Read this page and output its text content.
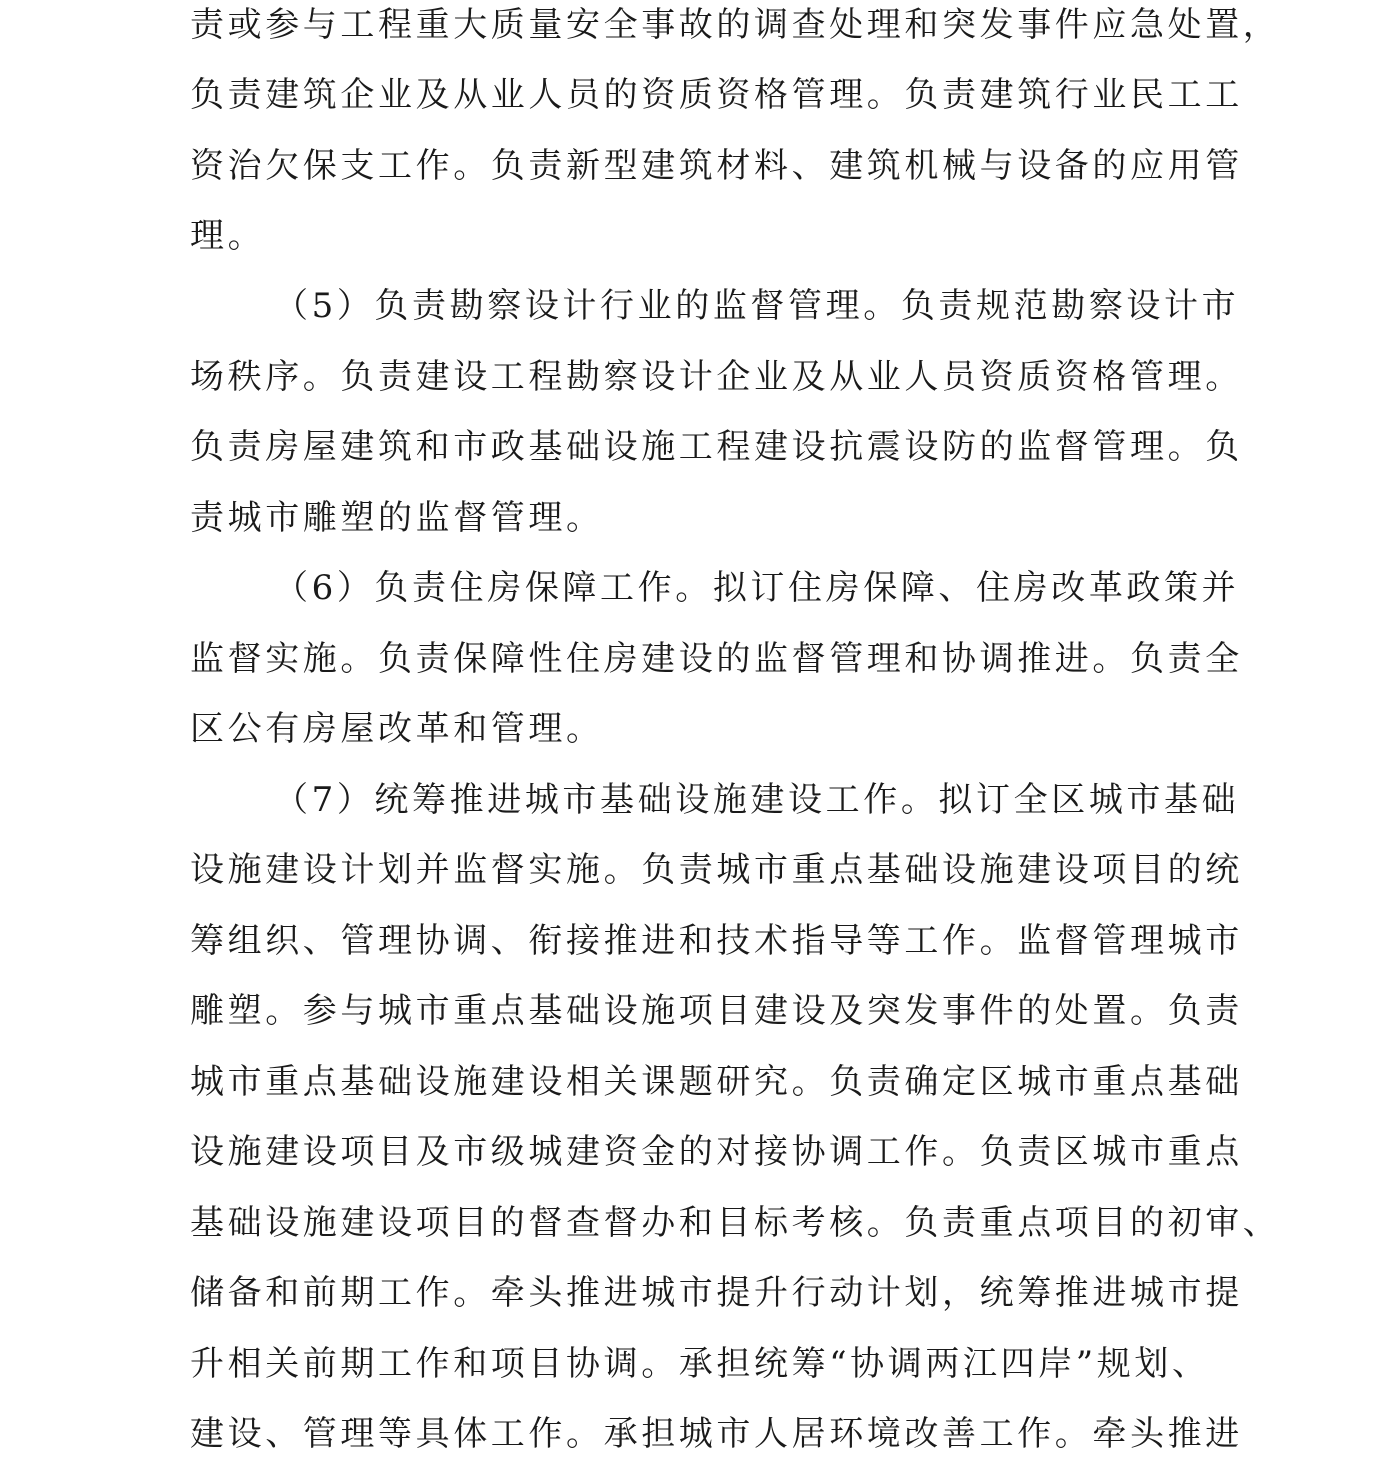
责或参与工程重大质量安全事故的调查处理和突发事件应急处置，
负责建筑企业及从业人员的资质资格管理。负责建筑行业民工工
资治欠保支工作。负责新型建筑材料、建筑机械与设备的应用管
理。
（5）负责勘察设计行业的监督管理。负责规范勘察设计市
场秩序。负责建设工程勘察设计企业及从业人员资质资格管理。
负责房屋建筑和市政基础设施工程建设抗震设防的监督管理。负
责城市雕塑的监督管理。
（6）负责住房保障工作。拟订住房保障、住房改革政策并
监督实施。负责保障性住房建设的监督管理和协调推进。负责全
区公有房屋改革和管理。
（7）统筹推进城市基础设施建设工作。拟订全区城市基础
设施建设计划并监督实施。负责城市重点基础设施建设项目的统
筹组织、管理协调、衔接推进和技术指导等工作。监督管理城市
雕塑。参与城市重点基础设施项目建设及突发事件的处置。负责
城市重点基础设施建设相关课题研究。负责确定区城市重点基础
设施建设项目及市级城建资金的对接协调工作。负责区城市重点
基础设施建设项目的督查督办和目标考核。负责重点项目的初审、
储备和前期工作。牵头推进城市提升行动计划，统筹推进城市提
升相关前期工作和项目协调。承担统筹“协调两江四岸”规划、
建设、管理等具体工作。承担城市人居环境改善工作。牵头推进
